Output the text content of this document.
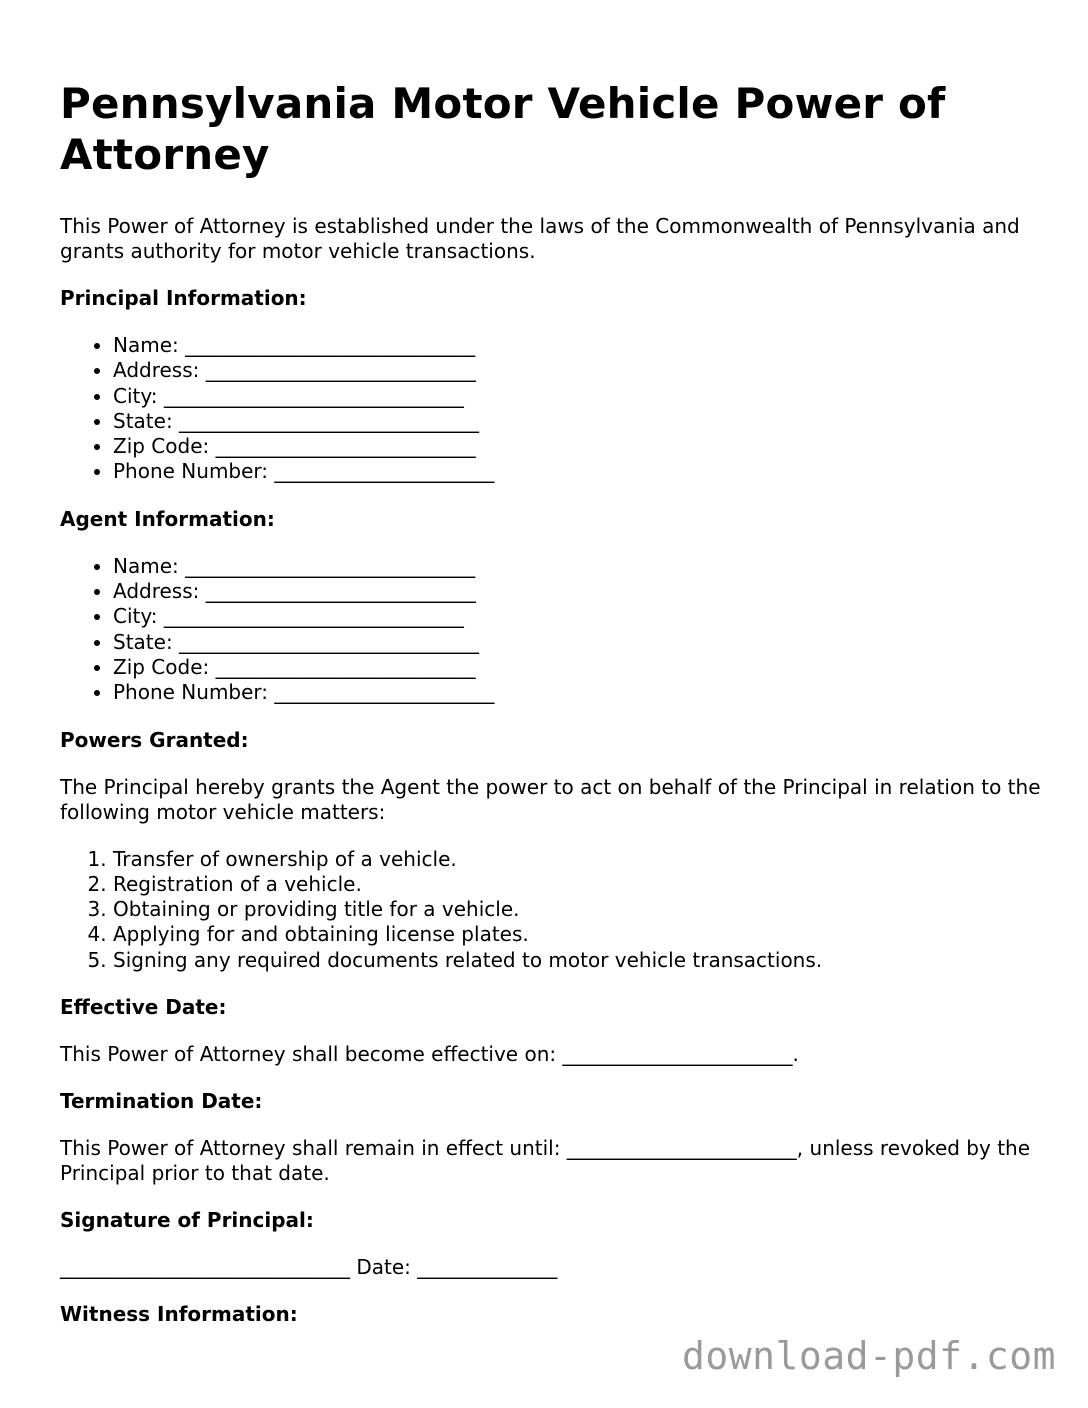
Pennsylvania Motor Vehicle Power of Attorney

This Power of Attorney is established under the laws of the Commonwealth of Pennsylvania and grants authority for motor vehicle transactions.

Principal Information:
• Name: _____________________________
• Address: ___________________________
• City: ______________________________
• State: ______________________________
• Zip Code: __________________________
• Phone Number: ______________________
Agent Information:
• Name: _____________________________
• Address: ___________________________
• City: ______________________________
• State: ______________________________
• Zip Code: __________________________
• Phone Number: ______________________
Powers Granted:

The Principal hereby grants the Agent the power to act on behalf of the Principal in relation to the following motor vehicle matters:

1. Transfer of ownership of a vehicle.
2. Registration of a vehicle.
3. Obtaining or providing title for a vehicle.
4. Applying for and obtaining license plates.
5. Signing any required documents related to motor vehicle transactions.
Effective Date:

This Power of Attorney shall become effective on: _______________________.

Termination Date:

This Power of Attorney shall remain in effect until: _______________________, unless revoked by the Principal prior to that date.

Signature of Principal:

_____________________________ Date: ______________

Witness Information:
download-pdf.com
